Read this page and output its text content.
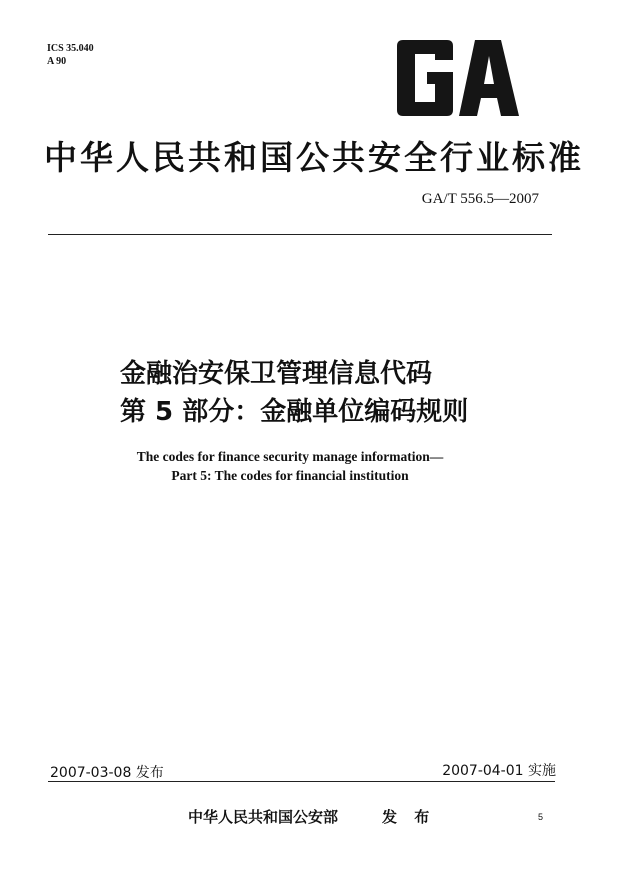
ICS 35.040
A 90
中华人民共和国公共安全行业标准
GA/T 556.5—2007
金融治安保卫管理信息代码
第 5 部分：金融单位编码规则
The codes for finance security manage information—
Part 5: The codes for financial institution
2007-03-08 发布	2007-04-01 实施
中华人民共和国公安部	发 布	5
